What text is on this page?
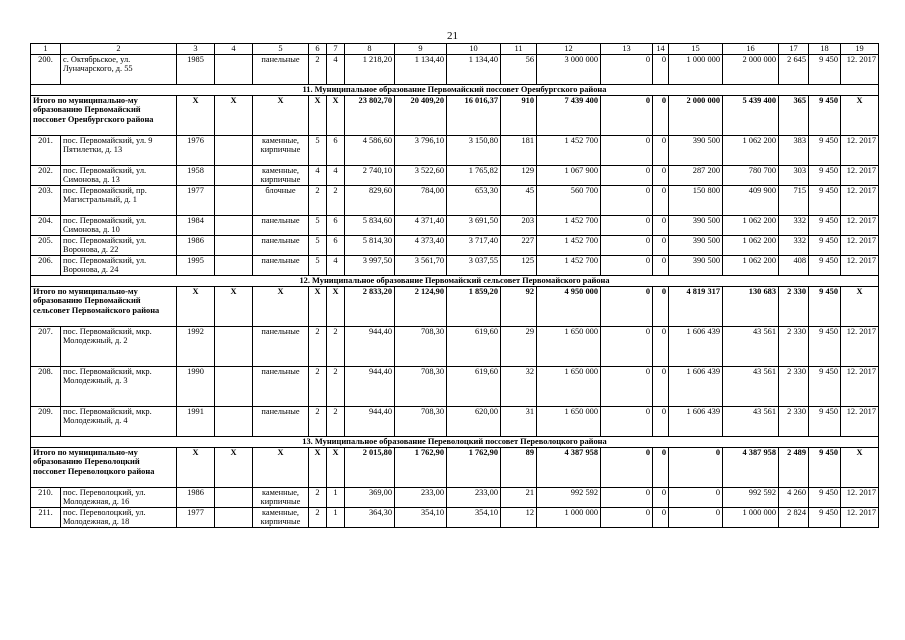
21
1	2	3	4	5	6	7	8	9	10	11	12	13	14	15	16	17	18	19
200.	с. Октябрьское, ул. Луначарского, д. 55	1985		панельные	2	4	1 218,20	1 134,40	1 134,40	56	3 000 000	0	0	1 000 000	2 000 000	2 645	9 450	12. 2017
11. Муниципальное образование Первомайский поссовет Оренбургского района																		
Итого по муниципально-му образованию Первомайский поссовет Оренбургского района		X	X	X	X	X	23 802,70	20 409,20	16 016,37	910	7 439 400	0	0	2 000 000	5 439 400	365	9 450	X
201.	пос. Первомайский, ул. 9 Пятилетки, д. 13	1976		каменные, кирпичные	5	6	4 586,60	3 796,10	3 150,80	181	1 452 700	0	0	390 500	1 062 200	383	9 450	12. 2017
202.	пос. Первомайский, ул. Симонова, д. 13	1958		каменные, кирпичные	4	4	2 740,10	3 522,60	1 765,82	129	1 067 900	0	0	287 200	780 700	303	9 450	12. 2017
203.	пос. Первомайский, пр. Магистральный, д. 1	1977		блочные	2	2	829,60	784,00	653,30	45	560 700	0	0	150 800	409 900	715	9 450	12. 2017
204.	пос. Первомайский, ул. Симонова, д. 10	1984		панельные	5	6	5 834,60	4 371,40	3 691,50	203	1 452 700	0	0	390 500	1 062 200	332	9 450	12. 2017
205.	пос. Первомайский, ул. Воронова, д. 22	1986		панельные	5	6	5 814,30	4 373,40	3 717,40	227	1 452 700	0	0	390 500	1 062 200	332	9 450	12. 2017
206.	пос. Первомайский, ул. Воронова, д. 24	1995		панельные	5	4	3 997,50	3 561,70	3 037,55	125	1 452 700	0	0	390 500	1 062 200	408	9 450	12. 2017
12. Муниципальное образование Первомайский сельсовет Первомайского района																		
Итого по муниципально-му образованию Первомайский сельсовет Первомайского района		X	X	X	X	X	2 833,20	2 124,90	1 859,20	92	4 950 000	0	0	4 819 317	130 683	2 330	9 450	X
207.	пос. Первомайский, мкр. Молодежный, д. 2	1992		панельные	2	2	944,40	708,30	619,60	29	1 650 000	0	0	1 606 439	43 561	2 330	9 450	12. 2017
208.	пос. Первомайский, мкр. Молодежный, д. 3	1990		панельные	2	2	944,40	708,30	619,60	32	1 650 000	0	0	1 606 439	43 561	2 330	9 450	12. 2017
209.	пос. Первомайский, мкр. Молодежный, д. 4	1991		панельные	2	2	944,40	708,30	620,00	31	1 650 000	0	0	1 606 439	43 561	2 330	9 450	12. 2017
13. Муниципальное образование Переволоцкий поссовет Переволоцкого района																		
Итого по муниципально-му образованию Переволоцкий поссовет Переволоцкого района		X	X	X	X	X	2 015,80	1 762,90	1 762,90	89	4 387 958	0	0	0	4 387 958	2 489	9 450	X
210.	пос. Переволоцкий, ул. Молодежная, д. 16	1986		каменные, кирпичные	2	1	369,00	233,00	233,00	21	992 592	0	0	0	992 592	4 260	9 450	12. 2017
211.	пос. Переволоцкий, ул. Молодежная, д. 18	1977		каменные, кирпичные	2	1	364,30	354,10	354,10	12	1 000 000	0	0	0	1 000 000	2 824	9 450	12. 2017
